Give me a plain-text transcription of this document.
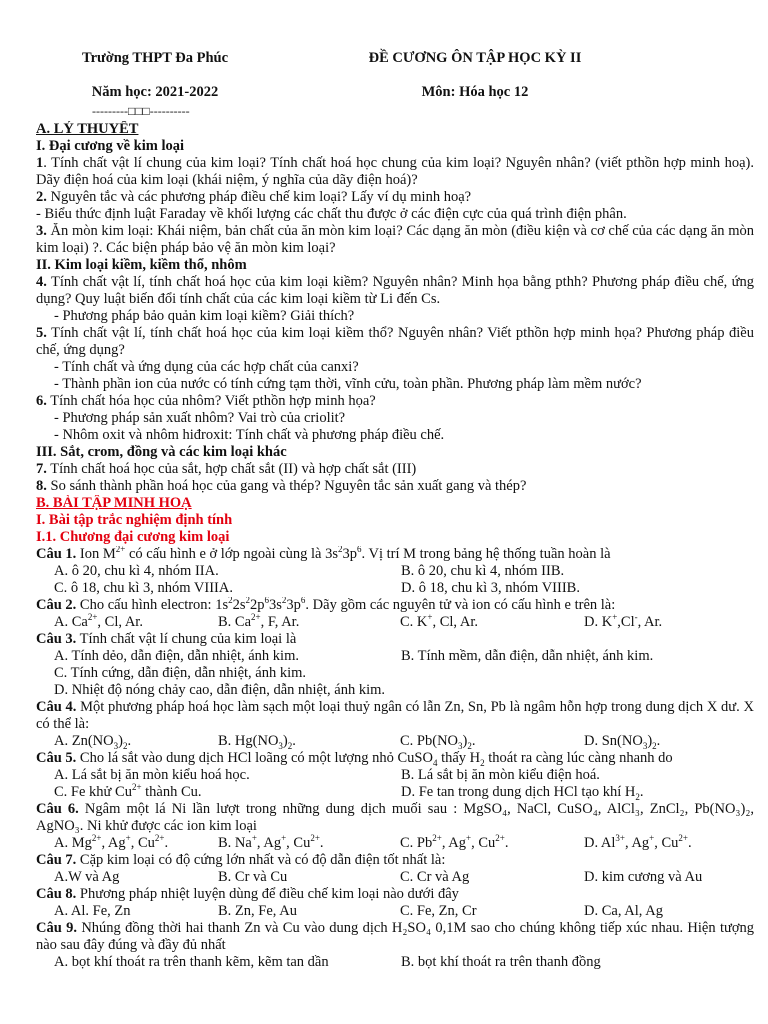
Trường THPT Đa Phúc
Năm học: 2021-2022
ĐỀ CƯƠNG ÔN TẬP HỌC KỲ II
Môn: Hóa học 12
---------□□□----------
A. LÝ THUYẾT
I. Đại cương về kim loại
1. Tính chất vật lí chung của kim loại? Tính chất hoá học chung của kim loại? Nguyên nhân? (viết pthồn hợp minh hoạ). Dãy điện hoá của kim loại (khái niệm, ý nghĩa của dãy điện hoá)?
2. Nguyên tắc và các phương pháp điều chế kim loại? Lấy ví dụ minh hoạ?
- Biểu thức định luật Faraday về khối lượng các chất thu được ở các điện cực của quá trình điện phân.
3. Ăn mòn kim loại: Khái niệm, bản chất của ăn mòn kim loại? Các dạng ăn mòn (điều kiện và cơ chế của các dạng ăn mòn kim loại) ?. Các biện pháp bảo vệ ăn mòn kim loại?
II. Kim loại kiềm, kiềm thổ, nhôm
4. Tính chất vật lí, tính chất hoá học của kim loại kiềm? Nguyên nhân? Minh họa bằng pthh? Phương pháp điều chế, ứng dụng? Quy luật biến đổi tính chất của các kim loại kiềm từ Li đến Cs.
- Phương pháp bảo quản kim loại kiềm? Giải thích?
5. Tính chất vật lí, tính chất hoá học của kim loại kiềm thổ? Nguyên nhân? Viết pthồn hợp minh họa? Phương pháp điều chế, ứng dụng?
- Tính chất và ứng dụng của các hợp chất của canxi?
- Thành phần ion của nước có tính cứng tạm thời, vĩnh cửu, toàn phần. Phương pháp làm mềm nước?
6. Tính chất hóa học của nhôm? Viết pthồn hợp minh họa?
- Phương pháp sản xuất nhôm? Vai trò của criolit?
- Nhôm oxit và nhôm hiđroxit: Tính chất và phương pháp điều chế.
III. Sắt, crom, đồng và các kim loại khác
7. Tính chất hoá học của sắt, hợp chất sắt (II) và hợp chất sắt (III)
8. So sánh thành phần hoá học của gang và thép? Nguyên tắc sản xuất gang và thép?
B. BÀI TẬP MINH HOẠ
I. Bài tập trắc nghiệm định tính
I.1. Chương đại cương kim loại
Câu 1. Ion $M^{2+}$ có cấu hình e ở lớp ngoài cùng là $3s^23p^6$. Vị trí M trong bảng hệ thống tuần hoàn là
A. ô 20, chu kì 4, nhóm IIA.	B. ô 20, chu kì 4, nhóm IIB.
C. ô 18, chu kì 3, nhóm VIIIA.	D. ô 18, chu kì 3, nhóm VIIIB.
Câu 2. Cho cấu hình electron: $1s^22s^22p^63s^23p^6$. Dãy gồm các nguyên tử và ion có cấu hình e trên là:
A. $Ca^{2+}$, Cl, Ar.	B. $Ca^{2+}$, F, Ar.	C. K+, Cl, Ar.	D. K+,Cl-, Ar.
Câu 3. Tính chất vật lí chung của kim loại là
A. Tính dẻo, dẫn điện, dẫn nhiệt, ánh kim.	B. Tính mềm, dẫn điện, dẫn nhiệt, ánh kim.
C. Tính cứng, dẫn điện, dẫn nhiệt, ánh kim.
D. Nhiệt độ nóng chảy cao, dẫn điện, dẫn nhiệt, ánh kim.
Câu 4. Một phương pháp hoá học làm sạch một loại thuỷ ngân có lẫn Zn, Sn, Pb là ngâm hỗn hợp trong dung dịch X dư. X có thể là:
A. $Zn(NO_3)_2$.	B. $Hg(NO_3)_2$.	C. $Pb(NO_3)_2$.	D. $Sn(NO_3)_2$.
Câu 5. Cho lá sắt vào dung dịch HCl loãng có một lượng nhỏ CuSO$_4$ thấy $H_2$ thoát ra càng lúc càng nhanh do
A. Lá sắt bị ăn mòn kiểu hoá học.	B. Lá sắt bị ăn mòn kiểu điện hoá.
C. Fe khử $Cu^{2+}$ thành Cu.	D. Fe tan trong dung dịch HCl tạo khí $H_2$.
Câu 6. Ngâm một lá Ni lần lượt trong những dung dịch muối sau : MgSO₄, NaCl, CuSO₄, AlCl₃, ZnCl₂, Pb(NO₃)₂, AgNO₃. Ni khử được các ion kim loại
A. $Mg^{2+}$, Ag+, $Cu^{2+}$.	B. Na+, Ag+, $Cu^{2+}$.	C. $Pb^{2+}$, Ag+, $Cu^{2+}$.	D. $Al^{3+}$, Ag+, $Cu^{2+}$.
Câu 7. Cặp kim loại có độ cứng lớn nhất và có độ dẫn điện tốt nhất là:
A.W và Ag	B. Cr và Cu	C. Cr và Ag	D. kim cương và Au
Câu 8. Phương pháp nhiệt luyện dùng để điều chế kim loại nào dưới đây
A. Al. Fe, Zn	B. Zn, Fe, Au	C. Fe, Zn, Cr	D. Ca, Al, Ag
Câu 9. Nhúng đồng thời hai thanh Zn và Cu vào dung dịch H₂SO₄ 0,1M sao cho chúng không tiếp xúc nhau. Hiện tượng nào sau đây đúng và đầy đủ nhất
A. bọt khí thoát ra trên thanh kẽm, kẽm tan dần	B. bọt khí thoát ra trên thanh đồng
